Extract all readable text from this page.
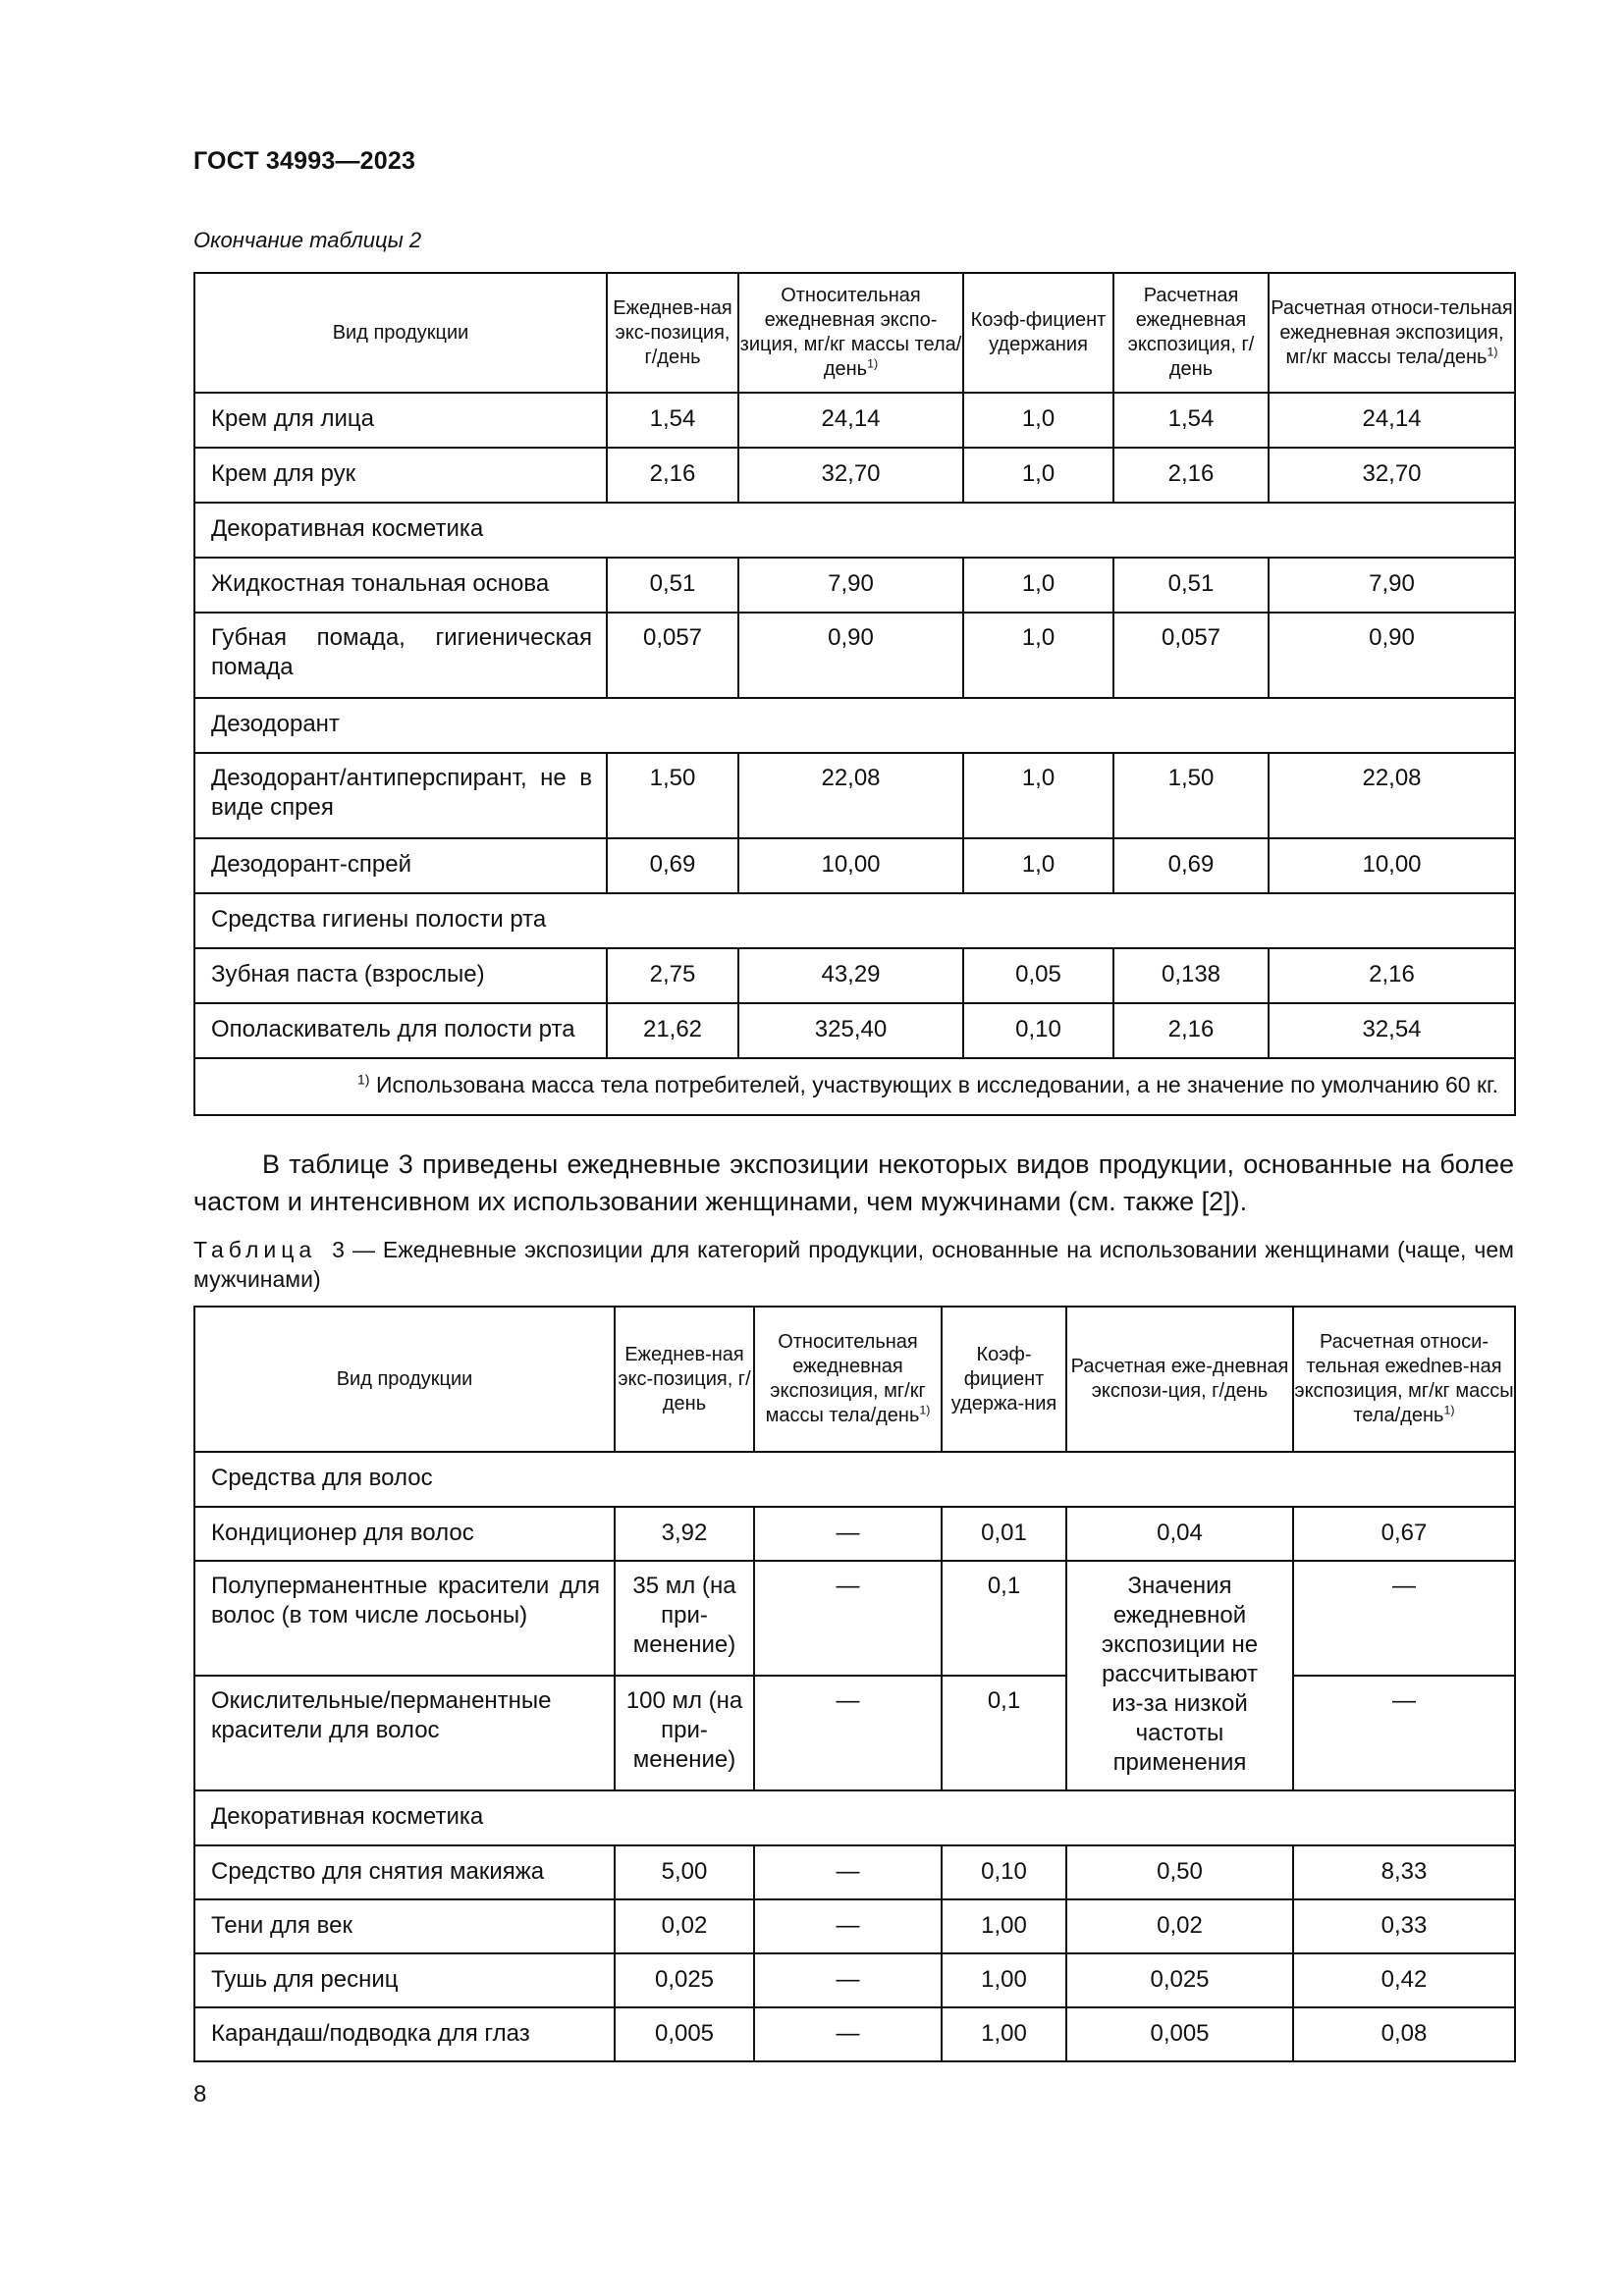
ГОСТ 34993—2023
Окончание таблицы 2
Вид продукции	Ежеднев-ная экс-позиция, г/день	Относительная ежедневная экспо-зиция, мг/кг массы тела/день$^{1)}$	Коэф-фициент удержания	Расчетная ежедневная экспозиция, г/день	Расчетная относи-тельная ежедневная экспозиция, мг/кг массы тела/день$^{1)}$
Крем для лица	1,54	24,14	1,0	1,54	24,14
Крем для рук	2,16	32,70	1,0	2,16	32,70
Декоративная косметика					
Жидкостная тональная основа	0,51	7,90	1,0	0,51	7,90
Губная помада, гигиеническая помада	0,057	0,90	1,0	0,057	0,90
Дезодорант					
Дезодорант/антиперспирант, не в виде спрея	1,50	22,08	1,0	1,50	22,08
Дезодорант-спрей	0,69	10,00	1,0	0,69	10,00
Средства гигиены полости рта					
Зубная паста (взрослые)	2,75	43,29	0,05	0,138	2,16
Ополаскиватель для полости рта	21,62	325,40	0,10	2,16	32,54
$^{1)}$ Использована масса тела потребителей, участвующих в исследовании, а не значение по умолчанию 60 кг.					
В таблице 3 приведены ежедневные экспозиции некоторых видов продукции, основанные на более частом и интенсивном их использовании женщинами, чем мужчинами (см. также [2]).
Таблица 3 — Ежедневные экспозиции для категорий продукции, основанные на использовании женщинами (чаще, чем мужчинами)
Вид продукции	Ежеднев-ная экс-позиция, г/день	Относительная ежедневная экспозиция, мг/кг массы тела/день$^{1)}$	Коэф-фициент удержа-ния	Расчетная еже-дневная экспози-ция, г/день	Расчетная относи-тельная ежednев-ная экспозиция, мг/кг массы тела/день$^{1)}$
Средства для волос					
Кондиционер для волос	3,92	—	0,01	0,04	0,67
Полуперманентные красители для волос (в том числе лосьоны)	35 мл (на при-менение)	—	0,1	Значения ежедневной экспозиции не рассчитывают из-за низкой частоты применения	—
Окислительные/перманентные красители для волос	100 мл (на при-менение)	—	0,1		—
Декоративная косметика					
Средство для снятия макияжа	5,00	—	0,10	0,50	8,33
Тени для век	0,02	—	1,00	0,02	0,33
Тушь для ресниц	0,025	—	1,00	0,025	0,42
Карандаш/подводка для глаз	0,005	—	1,00	0,005	0,08
8
